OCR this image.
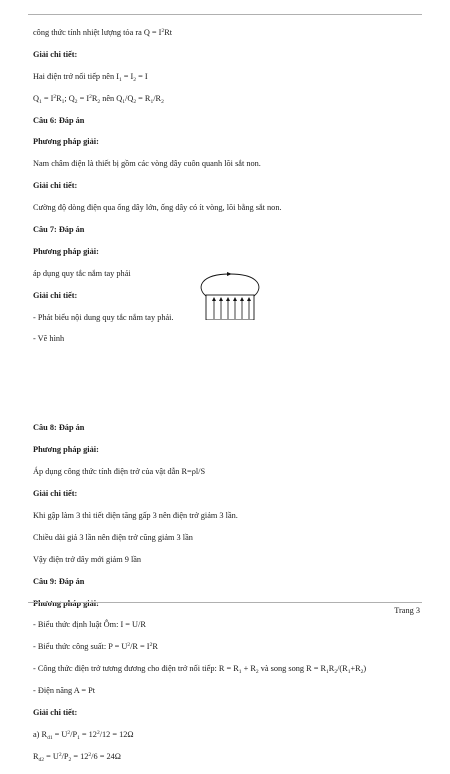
công thức tính nhiệt lượng tỏa ra $Q = I^2Rt$
Giải chi tiết:
Hai điện trở nối tiếp nên $I_1 = I_2 = I$
$Q_1 = I^2R_1$; $Q_2 = I^2R_2$ nên $Q_1/Q_2 = R_1/R_2$
Câu 6: Đáp án
Phương pháp giải:
Nam châm điện là thiết bị gồm các vòng dây cuôn quanh lõi sắt non.
Giải chi tiết:
Cường độ dòng điện qua ống dây lớn, ống dây có ít vòng, lõi bằng sắt non.
Câu 7: Đáp án
Phương pháp giải:
áp dụng quy tắc nắm tay phải
Giải chi tiết:
- Phát biểu nội dung quy tắc nắm tay phải.
- Vẽ hình
Câu 8: Đáp án
Phương pháp giải:
Áp dụng công thức tính điện trở của vật dẫn R=ρl/S
Giải chi tiết:
Khi gập làm 3 thì tiết diện tăng gấp 3 nên điện trở giảm 3 lần.
Chiều dài giả 3 lần nên điện trở cũng giảm 3 lần
Vậy điện trở dây mới giảm 9 lần
Câu 9: Đáp án
Phương pháp giải:
- Biểu thức định luật Ôm: I = U/R
- Biểu thức công suất: $P = U^2/R = I^2R$
- Công thức điện trở tương đương cho điện trở nối tiếp: $R = R_1 + R_2$ và song song $R = R_1R_2/(R_1+R_2)$
- Điện năng A = Pt
Giải chi tiết:
a) $R_{d1} = U^2/P_1 = 12^2/12 = 12\Omega$
$R_{d2} = U^2/P_2 = 12^2/6 = 24\Omega$
Trang 3
